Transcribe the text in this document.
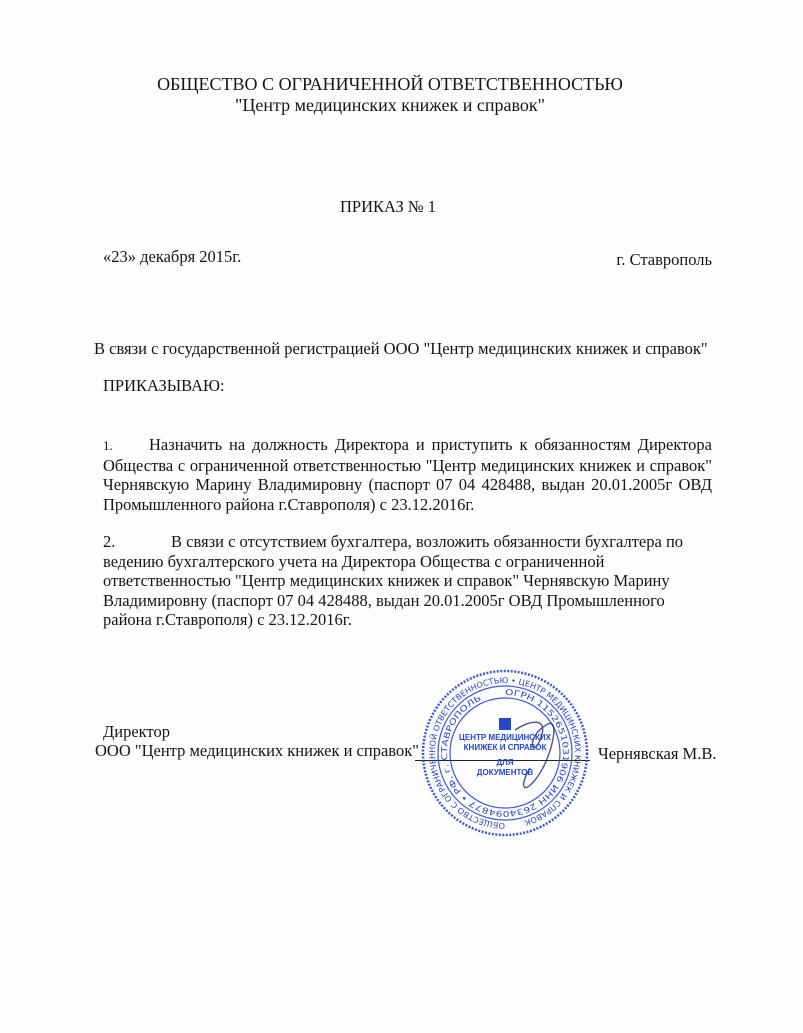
ОБЩЕСТВО С ОГРАНИЧЕННОЙ ОТВЕТСТВЕННОСТЬЮ
"Центр медицинских книжек и справок"
ПРИКАЗ № 1
«23» декабря 2015г.	г. Ставрополь
В связи с государственной регистрацией ООО "Центр медицинских книжек и справок"
ПРИКАЗЫВАЮ:
1. Назначить на должность Директора и приступить к обязанностям Директора
Общества с ограниченной ответственностью "Центр медицинских книжек и справок"
Чернявскую Марину Владимировну (паспорт 07 04 428488, выдан 20.01.2005г ОВД
Промышленного района г.Ставрополя) с 23.12.2016г.
2.	В связи с отсутствием бухгалтера, возложить обязанности бухгалтера по
ведению бухгалтерского учета на Директора Общества с ограниченной
ответственностью "Центр медицинских книжек и справок" Чернявскую Марину
Владимировну (паспорт 07 04 428488, выдан 20.01.2005г ОВД Промышленного
района г.Ставрополя) с 23.12.2016г.
Директор
ООО "Центр медицинских книжек и справок"	Чернявская М.В.
ОБЩЕСТВО С ОГРАНИЧЕННОЙ ОТВЕТСТВЕННОСТЬЮ • ЦЕНТР МЕДИЦИНСКИХ КНИЖЕК И СПРАВОК
ОГРН 1152651031906 ИНН 2634094877 • РФ, г. СТАВРОПОЛЬ
ЦЕНТР МЕДИЦИНСКИХ КНИЖЕК И СПРАВОК
ДЛЯ ДОКУМЕНТОВ
